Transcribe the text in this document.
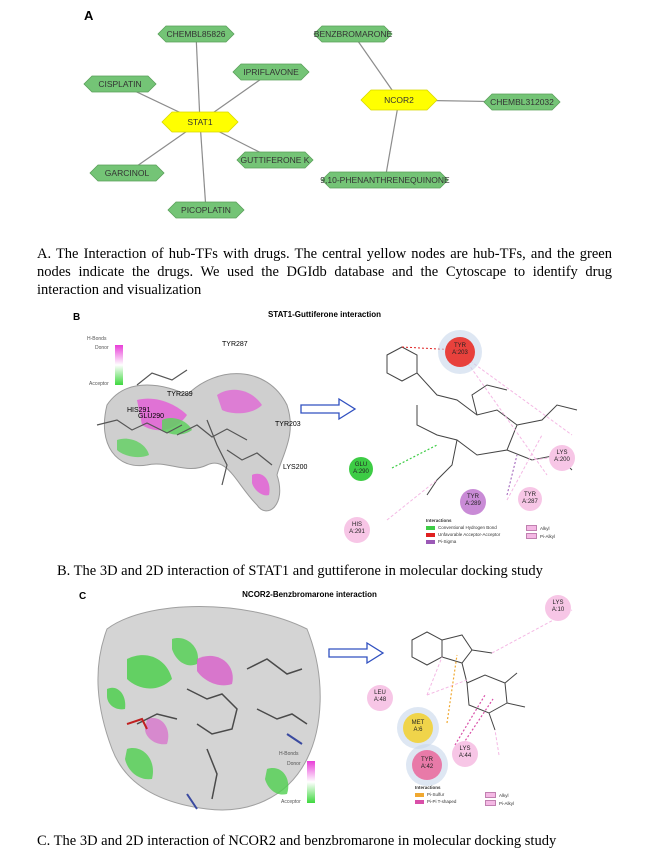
A
STAT1
NCOR2
CHEMBL85826
IPRIFLAVONE
CISPLATIN
GUTTIFERONE K
GARCINOL
PICOPLATIN
BENZBROMARONE
CHEMBL312032
9,10-PHENANTHRENEQUINONE
A. The Interaction of hub-TFs with drugs. The central yellow nodes are hub-TFs, and the green nodes indicate the drugs. We used the DGIdb database and the Cytoscape to identify drug interaction and visualization
B	STAT1-Guttiferone interaction
H-Bonds
Donor
Acceptor
TYR287
TYR203
HIS291
GLU290
TYR289
LYS200
TYR
A:203
LYS
A:200
GLU
A:290
TYR
A:289
TYR
A:287
HIS
A:291
Interactions
Conventional Hydrogen Bond
Unfavorable Acceptor-Acceptor
Pi-Sigma
Alkyl
Pi-Alkyl
B. The 3D and 2D interaction of STAT1 and guttiferone in molecular docking study
C	NCOR2-Benzbromarone interaction
H-Bonds
Donor
Acceptor
LYS
A:10
LEU
A:48
MET
A:6
TYR
A:42
LYS
A:44
Interactions
Pi-Sulfur
Pi-Pi T-shaped
Alkyl
Pi-Alkyl
C. The 3D and 2D interaction of NCOR2 and benzbromarone in molecular docking study
